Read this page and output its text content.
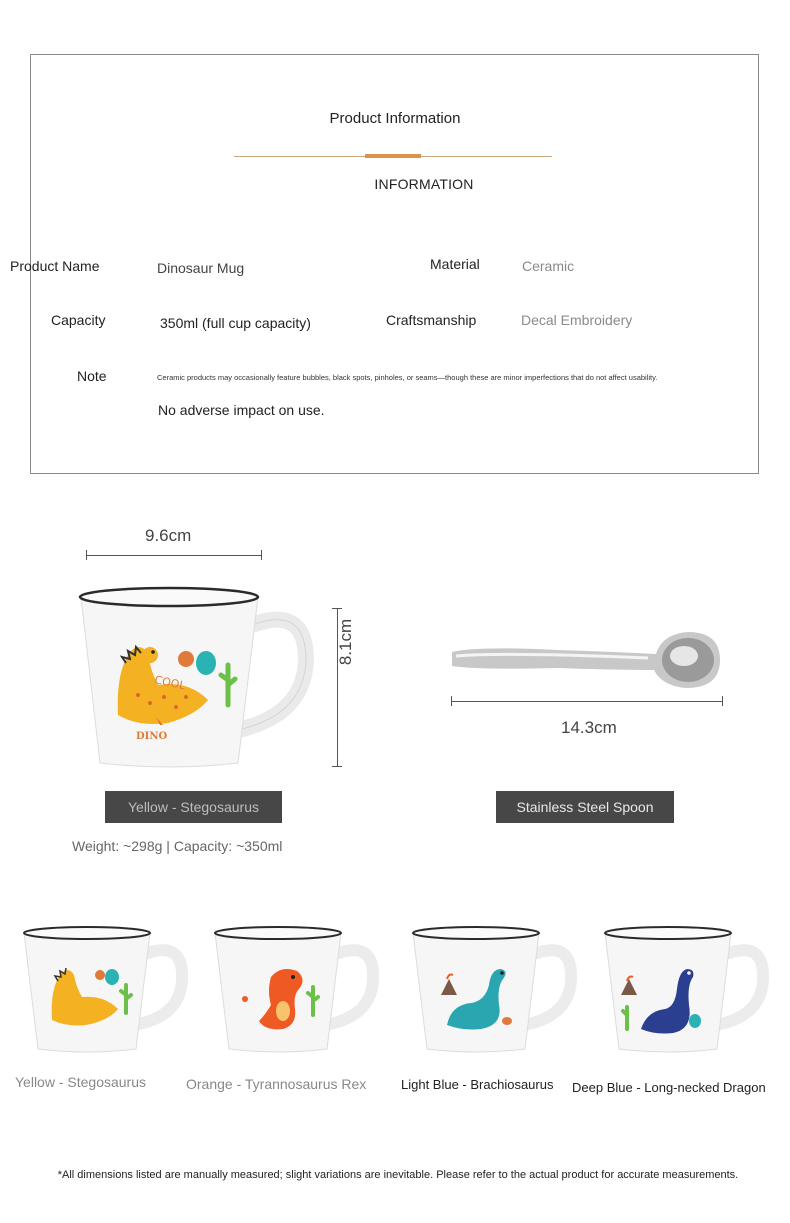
Product Information
INFORMATION
Product Name	Dinosaur Mug	Material	Ceramic
Capacity	350ml (full cup capacity)	Craftsmanship	Decal Embroidery
Note	Ceramic products may occasionally feature bubbles, black spots, pinholes, or seams—though these are minor imperfections that do not affect usability.
No adverse impact on use.
9.6cm
8.1cm
COOL
DINO	14.3cm
Yellow - Stegosaurus	Stainless Steel Spoon
Weight: ~298g | Capacity: ~350ml
Yellow - Stegosaurus	Orange - Tyrannosaurus Rex	Light Blue - Brachiosaurus Deep Blue - Long-necked Dragon
*All dimensions listed are manually measured; slight variations are inevitable. Please refer to the actual product for accurate measurements.
